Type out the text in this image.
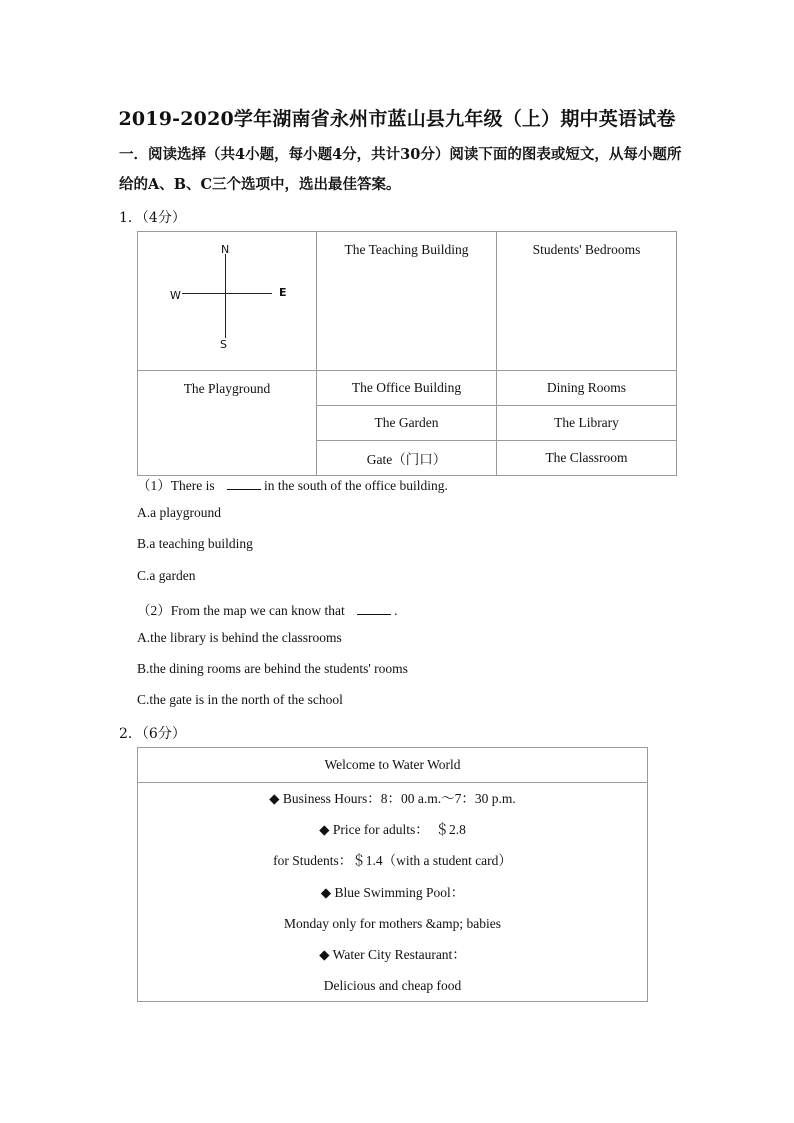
2019-2020学年湖南省永州市蓝山县九年级（上）期中英语试卷
一．阅读选择（共4小题，每小题4分，共计30分）阅读下面的图表或短文，从每小题所
给的A、B、C三个选项中，选出最佳答案。
1．（4分）
N
S
E
W	The Teaching Building	Students' Bedrooms
The Playground	The Office Building	Dining Rooms
	The Garden	The Library
	Gate（门口）	The Classroom
（1）There is	in the south of the office building.
A.a playground
B.a teaching building
C.a garden
（2）From the map we can know that	.
A.the library is behind the classrooms
B.the dining rooms are behind the students' rooms
C.the gate is in the north of the school
2．（6分）
Welcome to Water World

◆ Business Hours：8：00 a.m.～7：30 p.m.
◆ Price for adults：　＄2.8
for Students：＄1.4（with a student card）
◆ Blue Swimming Pool：
Monday only for mothers &amp; babies
◆ Water City Restaurant：
Delicious and cheap food
